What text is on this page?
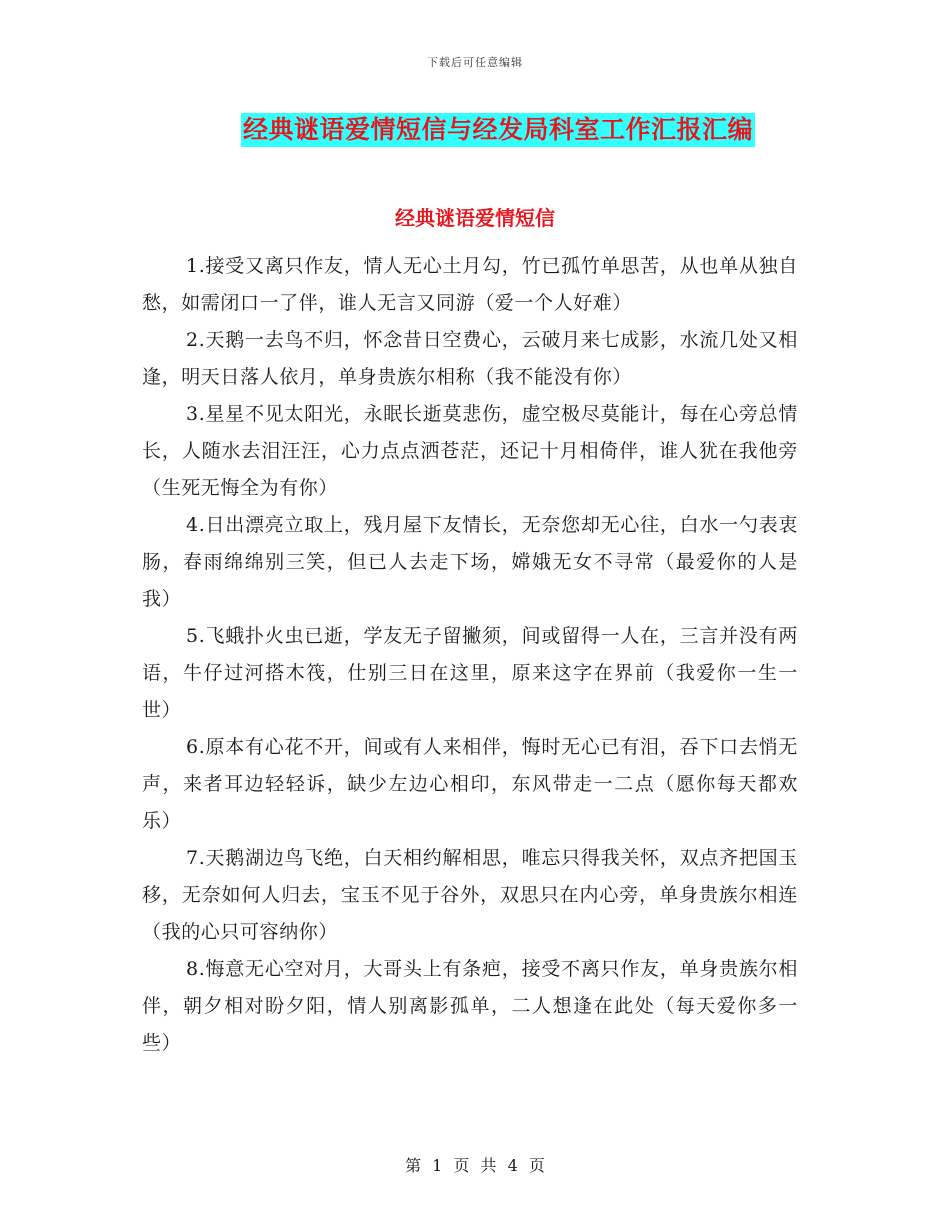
下载后可任意编辑
经典谜语爱情短信与经发局科室工作汇报汇编
经典谜语爱情短信

1.接受又离只作友，情人无心土月勾，竹已孤竹单思苦，从也单从独自愁，如需闭口一了伴，谁人无言又同游（爱一个人好难）

2.天鹅一去鸟不归，怀念昔日空费心，云破月来七成影，水流几处又相逢，明天日落人依月，单身贵族尔相称（我不能没有你）

3.星星不见太阳光，永眠长逝莫悲伤，虚空极尽莫能计，每在心旁总情长，人随水去泪汪汪，心力点点洒苍茫，还记十月相倚伴，谁人犹在我他旁（生死无悔全为有你）

4.日出漂亮立取上，残月屋下友情长，无奈您却无心往，白水一勺表衷肠，春雨绵绵别三笑，但已人去走下场，嫦娥无女不寻常（最爱你的人是我）

5.飞蛾扑火虫已逝，学友无子留撇须，间或留得一人在，三言并没有两语，牛仔过河搭木筏，仕别三日在这里，原来这字在界前（我爱你一生一世）

6.原本有心花不开，间或有人来相伴，悔时无心已有泪，吞下口去悄无声，来者耳边轻轻诉，缺少左边心相印，东风带走一二点（愿你每天都欢乐）

7.天鹅湖边鸟飞绝，白天相约解相思，唯忘只得我关怀，双点齐把国玉移，无奈如何人归去，宝玉不见于谷外，双思只在内心旁，单身贵族尔相连（我的心只可容纳你）

8.悔意无心空对月，大哥头上有条疤，接受不离只作友，单身贵族尔相伴，朝夕相对盼夕阳，情人别离影孤单，二人想逢在此处（每天爱你多一些）

第 1 页 共 4 页
